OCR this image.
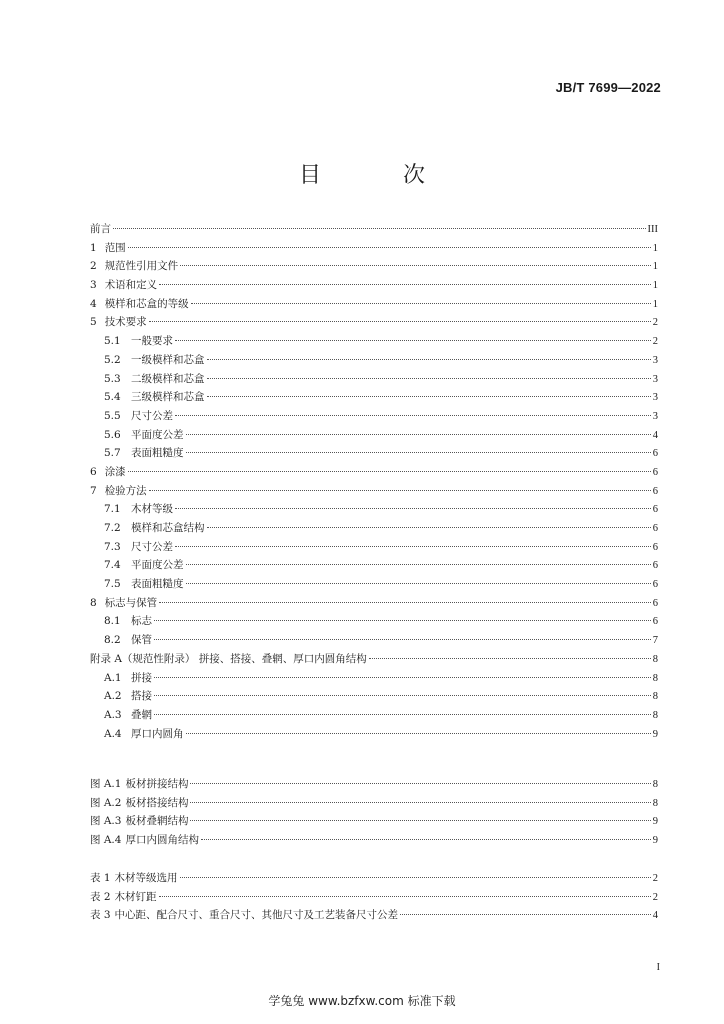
JB/T 7699—2022
目　次
前言	III
1 范围	1
2 规范性引用文件	1
3 术语和定义	1
4 模样和芯盒的等级	1
5 技术要求	2
5.1 一般要求	2
5.2 一级模样和芯盒	3
5.3 二级模样和芯盒	3
5.4 三级模样和芯盒	3
5.5 尺寸公差	3
5.6 平面度公差	4
5.7 表面粗糙度	6
6 涂漆	6
7 检验方法	6
7.1 木材等级	6
7.2 模样和芯盒结构	6
7.3 尺寸公差	6
7.4 平面度公差	6
7.5 表面粗糙度	6
8 标志与保管	6
8.1 标志	6
8.2 保管	7
附录 A（规范性附录） 拼接、搭接、叠辋、厚口内圆角结构	8
A.1 拼接	8
A.2 搭接	8
A.3 叠辋	8
A.4 厚口内圆角	9
图 A.1 板材拼接结构	8
图 A.2 板材搭接结构	8
图 A.3 板材叠辋结构	9
图 A.4 厚口内圆角结构	9
表 1 木材等级选用	2
表 2 木材钉距	2
表 3 中心距、配合尺寸、重合尺寸、其他尺寸及工艺装备尺寸公差	4
I
学兔兔 www.bzfxw.com 标准下载
